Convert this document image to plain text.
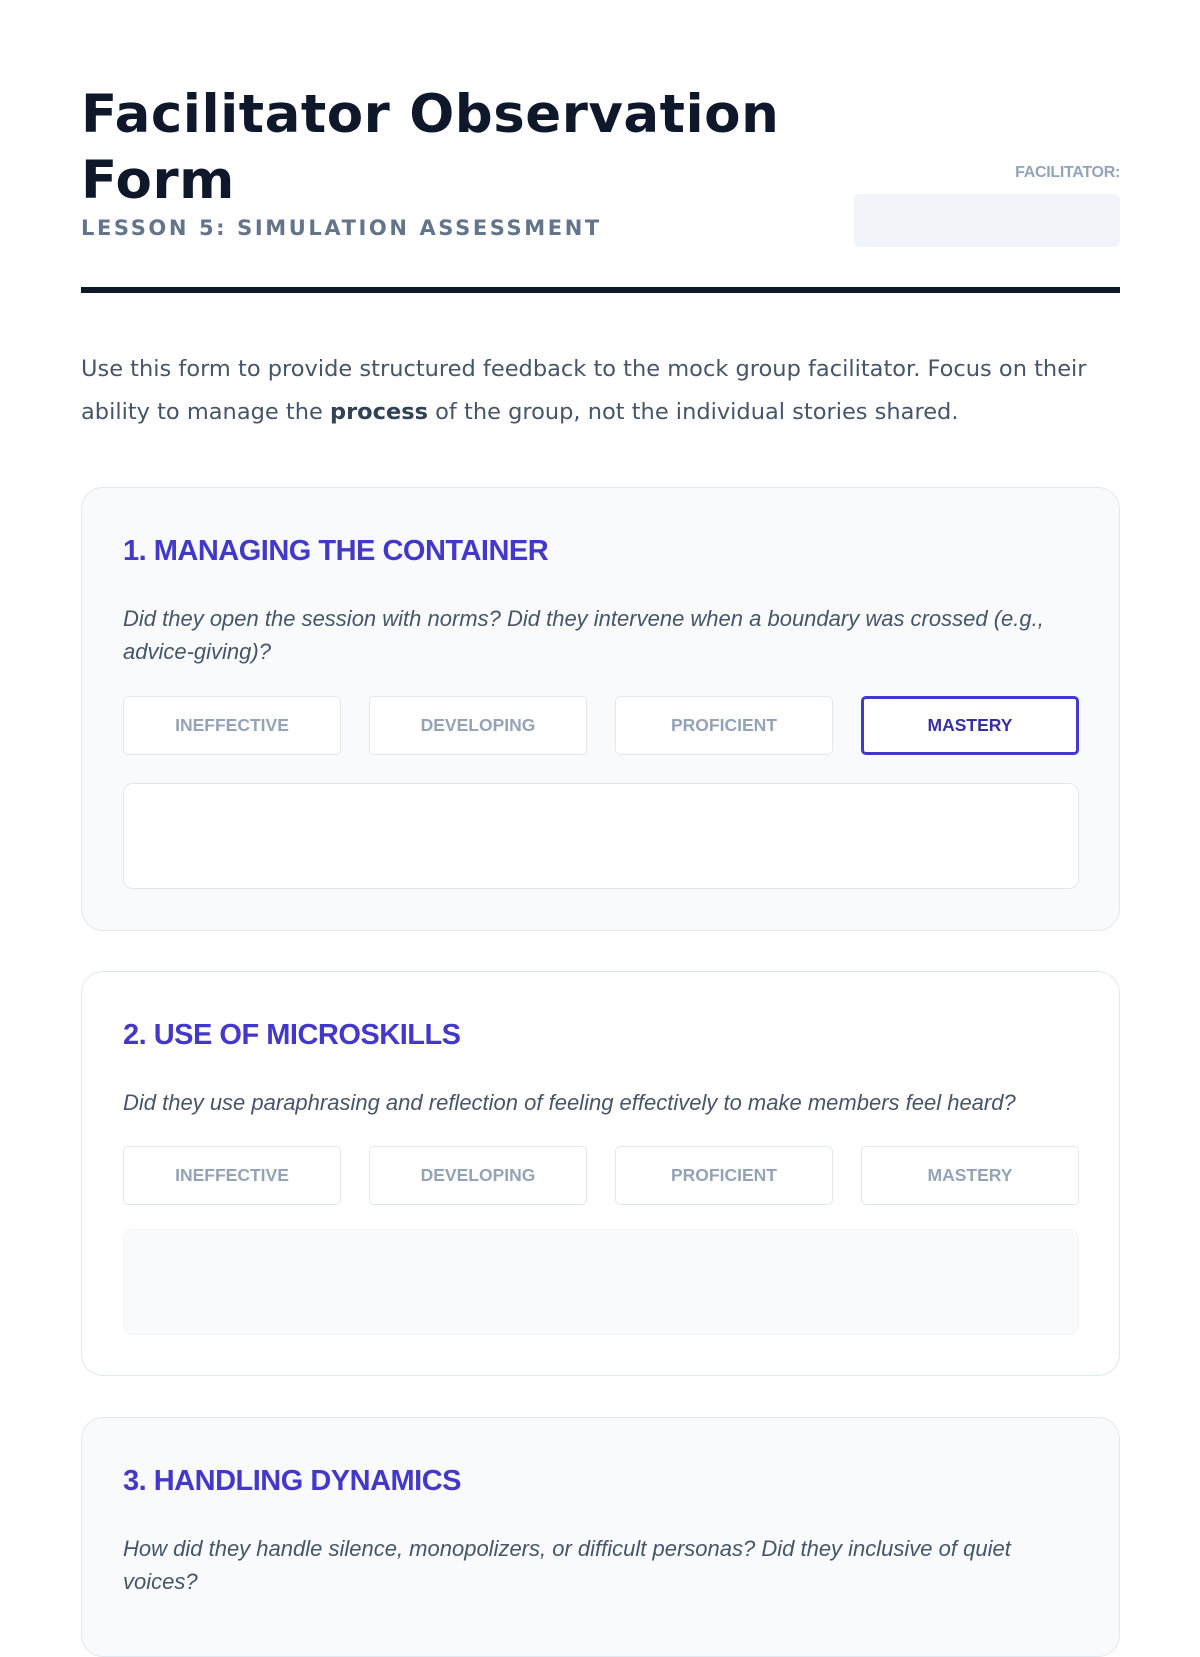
Facilitator Observation Form
LESSON 5: SIMULATION ASSESSMENT
FACILITATOR:

Use this form to provide structured feedback to the mock group facilitator. Focus on their ability to manage the process of the group, not the individual stories shared.

1. MANAGING THE CONTAINER

Did they open the session with norms? Did they intervene when a boundary was crossed (e.g., advice-giving)?

INEFFECTIVE	DEVELOPING	PROFICIENT	MASTERY
2. USE OF MICROSKILLS

Did they use paraphrasing and reflection of feeling effectively to make members feel heard?

INEFFECTIVE	DEVELOPING	PROFICIENT	MASTERY
3. HANDLING DYNAMICS

How did they handle silence, monopolizers, or difficult personas? Did they inclusive of quiet voices?
